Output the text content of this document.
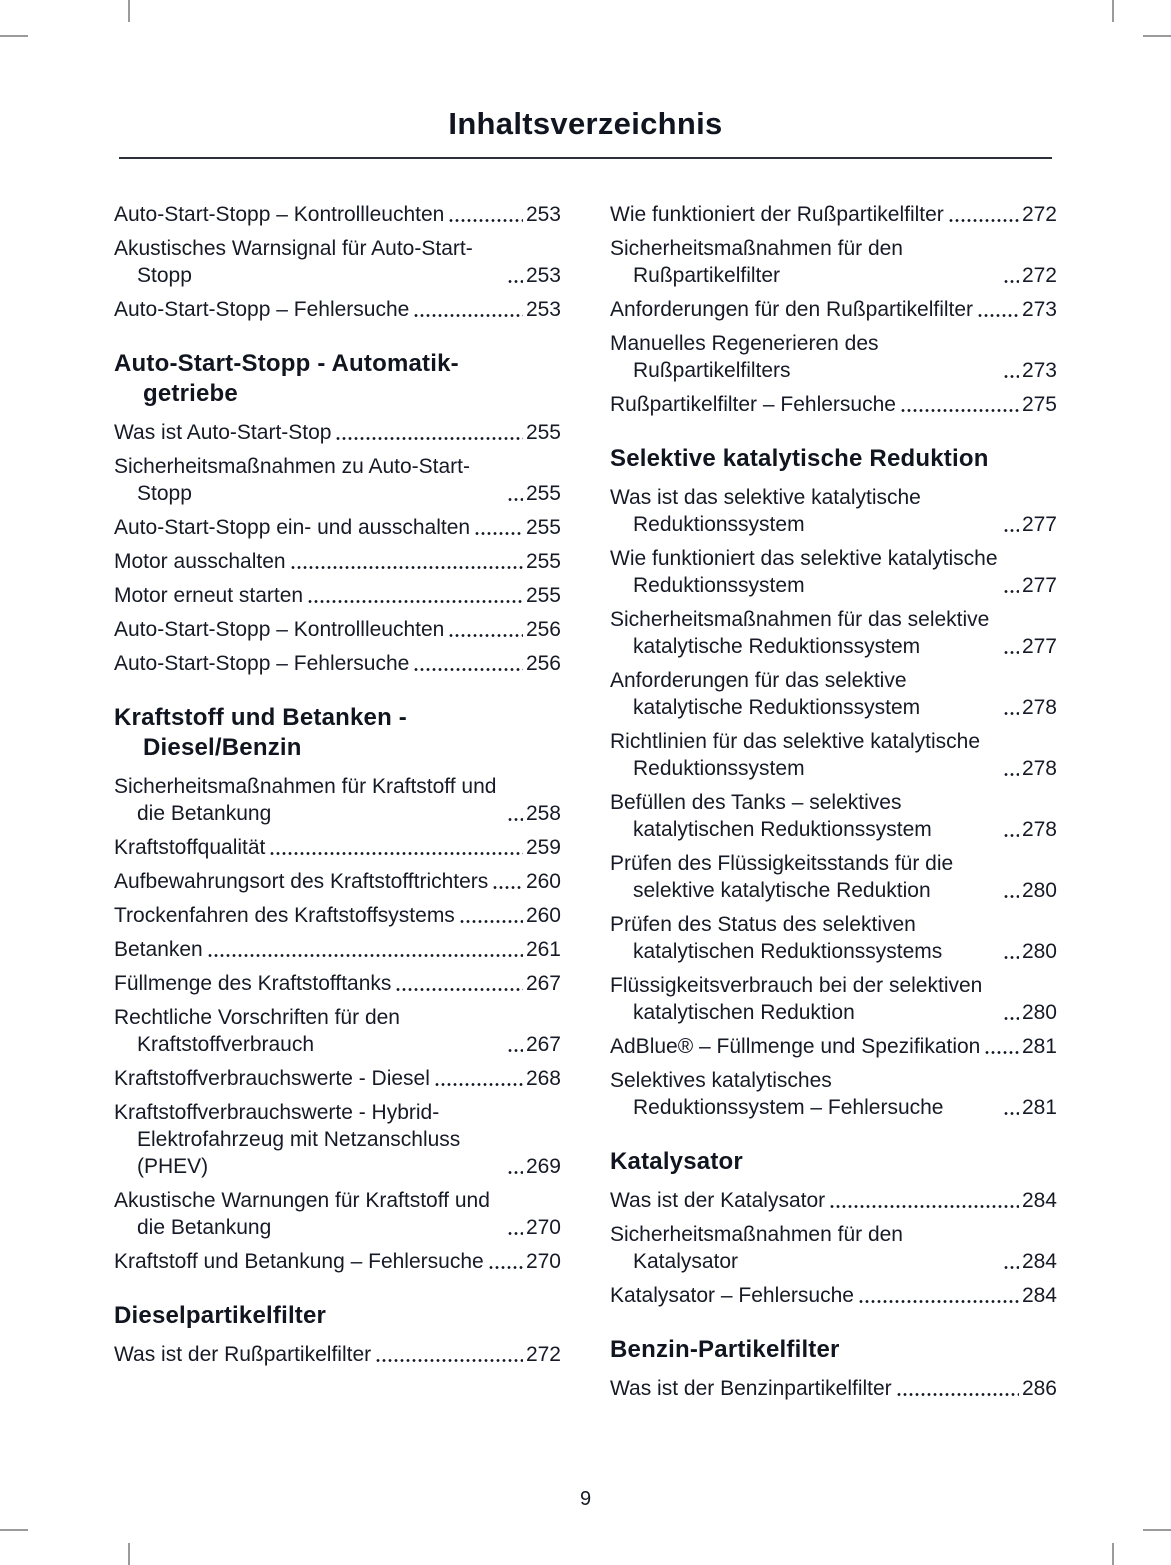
Inhaltsverzeichnis
Auto-Start-Stopp – Kontrollleuchten	253
Akustisches Warnsignal für Auto-Start-Stopp	253
Auto-Start-Stopp – Fehlersuche	253
Auto-Start-Stopp - Automatik-getriebe
Was ist Auto-Start-Stop	255
Sicherheitsmaßnahmen zu Auto-Start-Stopp	255
Auto-Start-Stopp ein- und ausschalten	255
Motor ausschalten	255
Motor erneut starten	255
Auto-Start-Stopp – Kontrollleuchten	256
Auto-Start-Stopp – Fehlersuche	256
Kraftstoff und Betanken - Diesel/Benzin
Sicherheitsmaßnahmen für Kraftstoff und die Betankung	258
Kraftstoffqualität	259
Aufbewahrungsort des Kraftstofftrichters 260
Trockenfahren des Kraftstoffsystems	260
Betanken	261
Füllmenge des Kraftstofftanks	267
Rechtliche Vorschriften für den Kraftstoffverbrauch	267
Kraftstoffverbrauchswerte - Diesel	268
Kraftstoffverbrauchswerte - Hybrid-Elektrofahrzeug mit Netzanschluss (PHEV)	269
Akustische Warnungen für Kraftstoff und die Betankung	270
Kraftstoff und Betankung – Fehlersuche 270
Dieselpartikelfilter
Was ist der Rußpartikelfilter	272
Wie funktioniert der Rußpartikelfilter	272
Sicherheitsmaßnahmen für den Rußpartikelfilter	272
Anforderungen für den Rußpartikelfilter 273
Manuelles Regenerieren des Rußpartikelfilters	273
Rußpartikelfilter – Fehlersuche	275
Selektive katalytische Reduktion
Was ist das selektive katalytische Reduktionssystem	277
Wie funktioniert das selektive katalytische Reduktionssystem	277
Sicherheitsmaßnahmen für das selektive katalytische Reduktionssystem	277
Anforderungen für das selektive katalytische Reduktionssystem	278
Richtlinien für das selektive katalytische Reduktionssystem	278
Befüllen des Tanks – selektives katalytischen Reduktionssystem	278
Prüfen des Flüssigkeitsstands für die selektive katalytische Reduktion	280
Prüfen des Status des selektiven katalytischen Reduktionssystems	280
Flüssigkeitsverbrauch bei der selektiven katalytischen Reduktion	280
AdBlue® – Füllmenge und Spezifikation 281
Selektives katalytisches Reduktionssystem – Fehlersuche	281
Katalysator
Was ist der Katalysator	284
Sicherheitsmaßnahmen für den Katalysator	284
Katalysator – Fehlersuche	284
Benzin-Partikelfilter
Was ist der Benzinpartikelfilter	286
9
